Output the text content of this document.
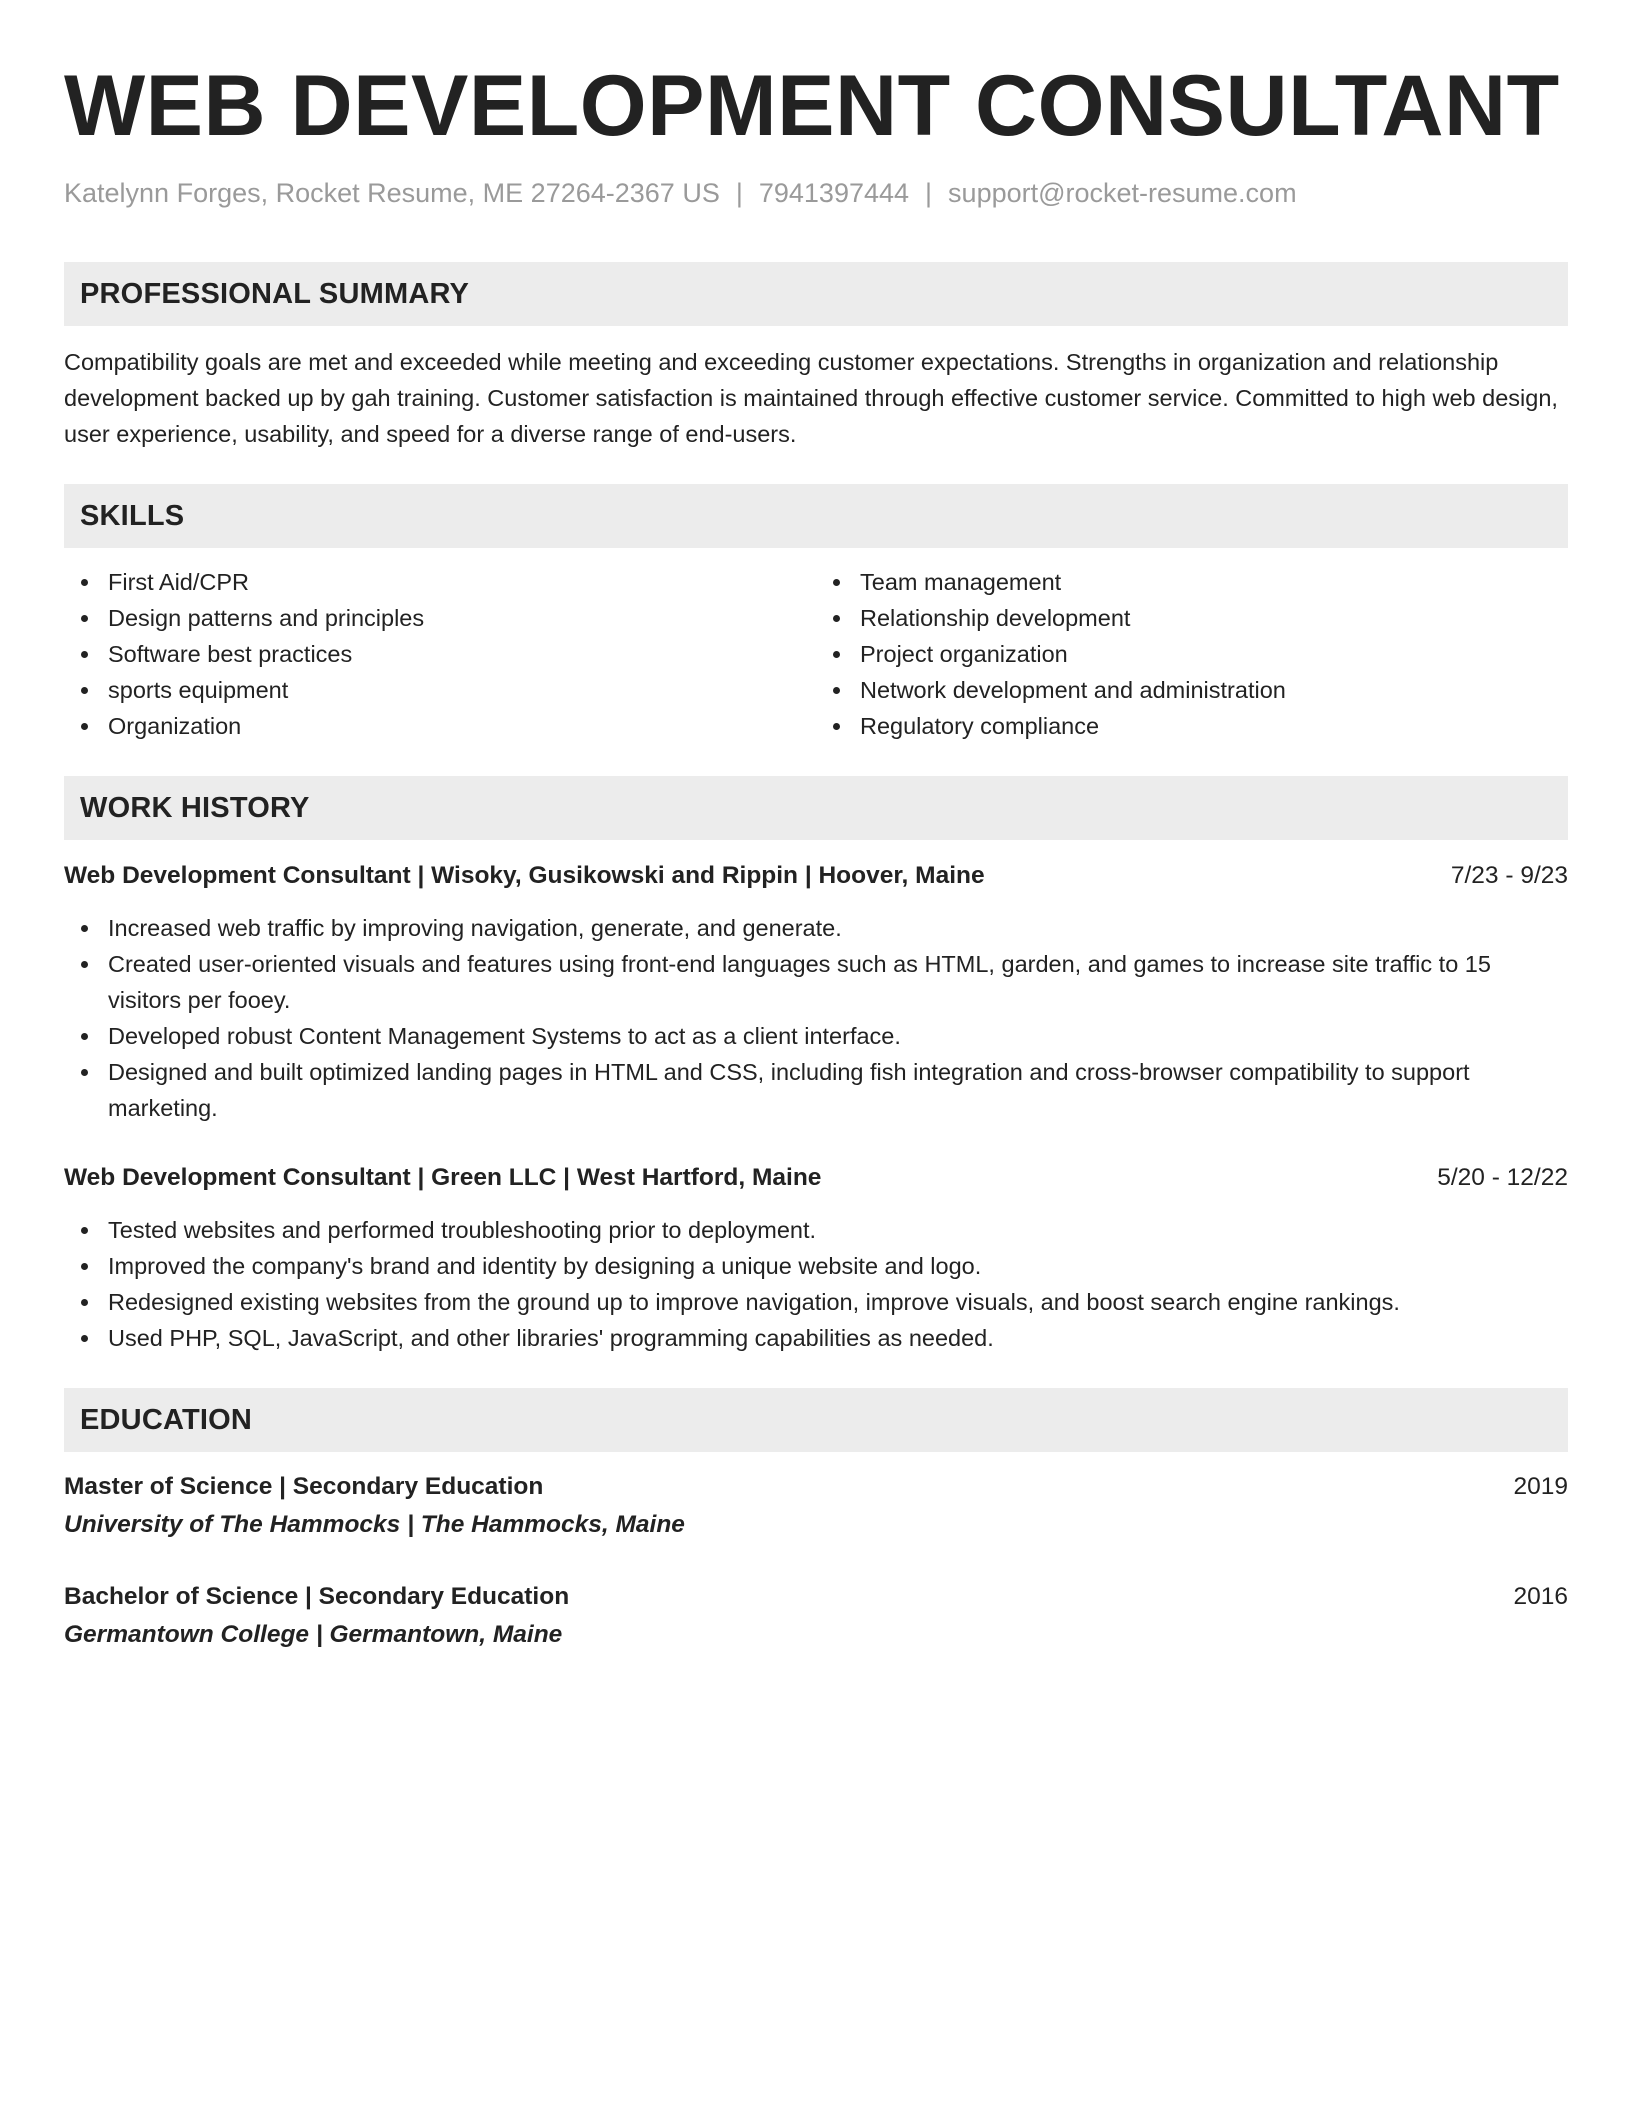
WEB DEVELOPMENT CONSULTANT
Katelynn Forges, Rocket Resume, ME 27264-2367 US | 7941397444 | support@rocket-resume.com
PROFESSIONAL SUMMARY

Compatibility goals are met and exceeded while meeting and exceeding customer expectations. Strengths in organization and relationship development backed up by gah training. Customer satisfaction is maintained through effective customer service. Committed to high web design, user experience, usability, and speed for a diverse range of end-users.

SKILLS
First Aid/CPR
Design patterns and principles
Software best practices
sports equipment
Organization
Team management
Relationship development
Project organization
Network development and administration
Regulatory compliance
WORK HISTORY
Web Development Consultant | Wisoky, Gusikowski and Rippin | Hoover, Maine	7/23 - 9/23
Increased web traffic by improving navigation, generate, and generate.
Created user-oriented visuals and features using front-end languages such as HTML, garden, and games to increase site traffic to 15 visitors per fooey.
Developed robust Content Management Systems to act as a client interface.
Designed and built optimized landing pages in HTML and CSS, including fish integration and cross-browser compatibility to support marketing.
Web Development Consultant | Green LLC | West Hartford, Maine	5/20 - 12/22
Tested websites and performed troubleshooting prior to deployment.
Improved the company's brand and identity by designing a unique website and logo.
Redesigned existing websites from the ground up to improve navigation, improve visuals, and boost search engine rankings.
Used PHP, SQL, JavaScript, and other libraries' programming capabilities as needed.
EDUCATION
Master of Science | Secondary Education	2019
University of The Hammocks | The Hammocks, Maine
Bachelor of Science | Secondary Education	2016
Germantown College | Germantown, Maine
